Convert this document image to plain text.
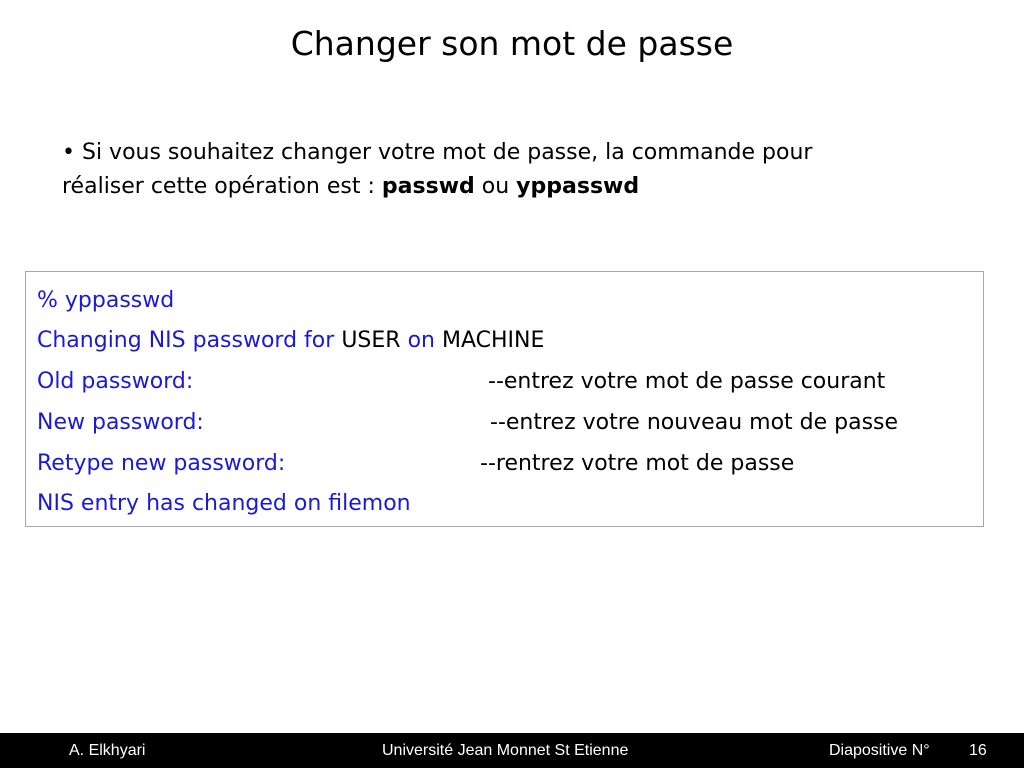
Changer son mot de passe
• Si vous souhaitez changer votre mot de passe, la commande pour
réaliser cette opération est : passwd ou yppasswd
% yppasswd
Changing NIS password for USER on MACHINE
Old password:	--entrez votre mot de passe courant
New password:	--entrez votre nouveau mot de passe
Retype new password:	--rentrez votre mot de passe
NIS entry has changed on filemon
A. Elkhyari	Université Jean Monnet St Etienne	Diapositive N° 16
